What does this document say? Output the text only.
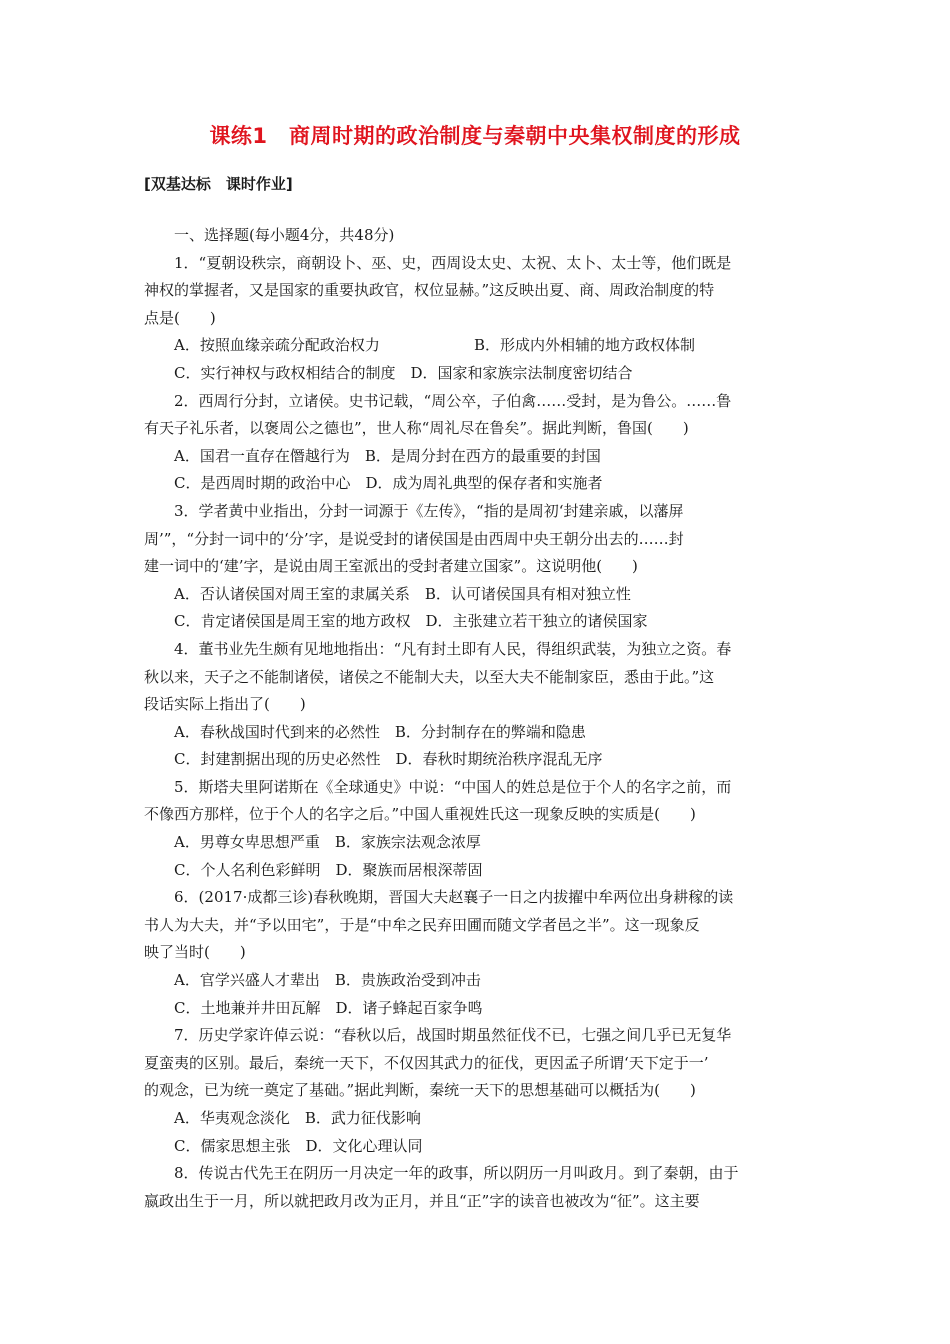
课练1　商周时期的政治制度与秦朝中央集权制度的形成
[双基达标　课时作业]
一、选择题(每小题4分，共48分)
1．“夏朝设秩宗，商朝设卜、巫、史，西周设太史、太祝、太卜、太士等，他们既是
神权的掌握者，又是国家的重要执政官，权位显赫。”这反映出夏、商、周政治制度的特
点是(　　)
A．按照血缘亲疏分配政治权力	B．形成内外相辅的地方政权体制
C．实行神权与政权相结合的制度　D．国家和家族宗法制度密切结合
2．西周行分封，立诸侯。史书记载，“周公卒，子伯禽……受封，是为鲁公。……鲁
有天子礼乐者，以褒周公之德也”，世人称“周礼尽在鲁矣”。据此判断，鲁国(　　)
A．国君一直存在僭越行为　B．是周分封在西方的最重要的封国
C．是西周时期的政治中心　D．成为周礼典型的保存者和实施者
3．学者黄中业指出，分封一词源于《左传》，“指的是周初‘封建亲戚，以藩屏
周’”，“分封一词中的‘分’字，是说受封的诸侯国是由西周中央王朝分出去的……封
建一词中的‘建’字，是说由周王室派出的受封者建立国家”。这说明他(　　)
A．否认诸侯国对周王室的隶属关系　B．认可诸侯国具有相对独立性
C．肯定诸侯国是周王室的地方政权　D．主张建立若干独立的诸侯国家
4．董书业先生颇有见地地指出：“凡有封土即有人民，得组织武装，为独立之资。春
秋以来，天子之不能制诸侯，诸侯之不能制大夫，以至大夫不能制家臣，悉由于此。”这
段话实际上指出了(　　)
A．春秋战国时代到来的必然性　B．分封制存在的弊端和隐患
C．封建割据出现的历史必然性　D．春秋时期统治秩序混乱无序
5．斯塔夫里阿诺斯在《全球通史》中说：“中国人的姓总是位于个人的名字之前，而
不像西方那样，位于个人的名字之后。”中国人重视姓氏这一现象反映的实质是(　　)
A．男尊女卑思想严重　B．家族宗法观念浓厚
C．个人名利色彩鲜明　D．聚族而居根深蒂固
6．(2017·成都三诊)春秋晚期，晋国大夫赵襄子一日之内拔擢中牟两位出身耕稼的读
书人为大夫，并“予以田宅”，于是“中牟之民弃田圃而随文学者邑之半”。这一现象反
映了当时(　　)
A．官学兴盛人才辈出　B．贵族政治受到冲击
C．土地兼并井田瓦解　D．诸子蜂起百家争鸣
7．历史学家许倬云说：“春秋以后，战国时期虽然征伐不已，七强之间几乎已无复华
夏蛮夷的区别。最后，秦统一天下，不仅因其武力的征伐，更因孟子所谓‘天下定于一’
的观念，已为统一奠定了基础。”据此判断，秦统一天下的思想基础可以概括为(　　)
A．华夷观念淡化　B．武力征伐影响
C．儒家思想主张　D．文化心理认同
8．传说古代先王在阴历一月决定一年的政事，所以阴历一月叫政月。到了秦朝，由于
嬴政出生于一月，所以就把政月改为正月，并且“正”字的读音也被改为“征”。这主要
